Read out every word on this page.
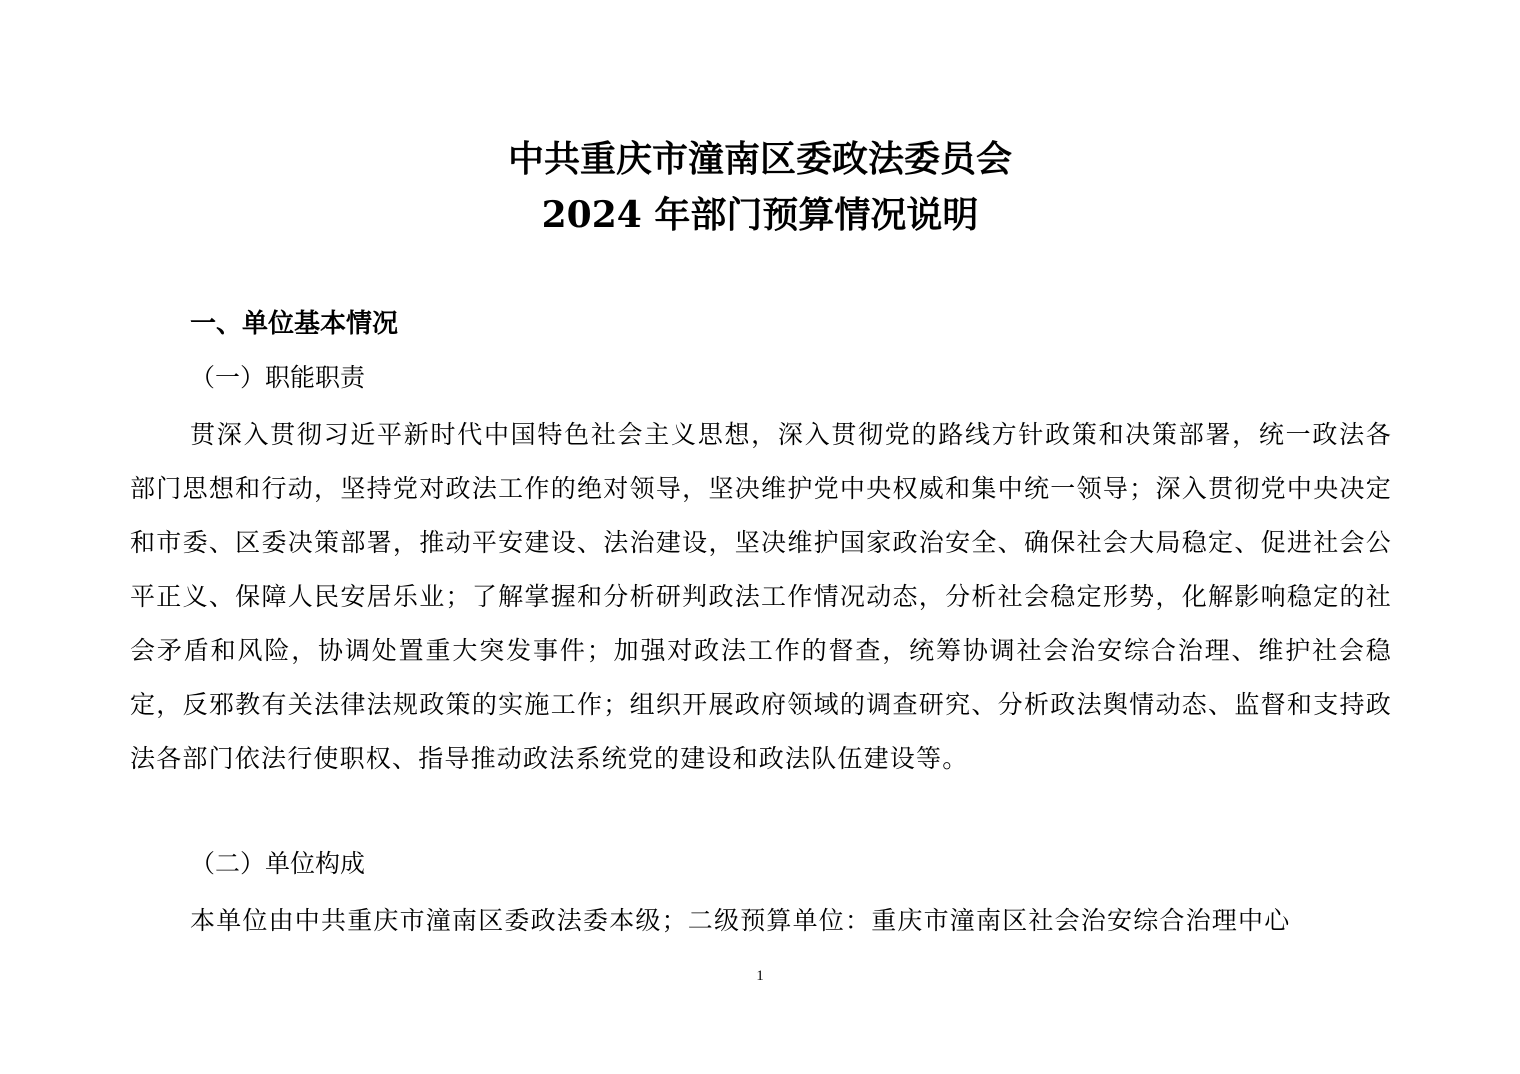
中共重庆市潼南区委政法委员会
2024 年部门预算情况说明
一、单位基本情况
（一）职能职责

贯深入贯彻习近平新时代中国特色社会主义思想，深入贯彻党的路线方针政策和决策部署，统一政法各部门思想和行动，坚持党对政法工作的绝对领导，坚决维护党中央权威和集中统一领导；深入贯彻党中央决定和市委、区委决策部署，推动平安建设、法治建设，坚决维护国家政治安全、确保社会大局稳定、促进社会公平正义、保障人民安居乐业；了解掌握和分析研判政法工作情况动态，分析社会稳定形势，化解影响稳定的社会矛盾和风险，协调处置重大突发事件；加强对政法工作的督查，统筹协调社会治安综合治理、维护社会稳定，反邪教有关法律法规政策的实施工作；组织开展政府领域的调查研究、分析政法舆情动态、监督和支持政法各部门依法行使职权、指导推动政法系统党的建设和政法队伍建设等。

（二）单位构成

本单位由中共重庆市潼南区委政法委本级；二级预算单位：重庆市潼南区社会治安综合治理中心

1
